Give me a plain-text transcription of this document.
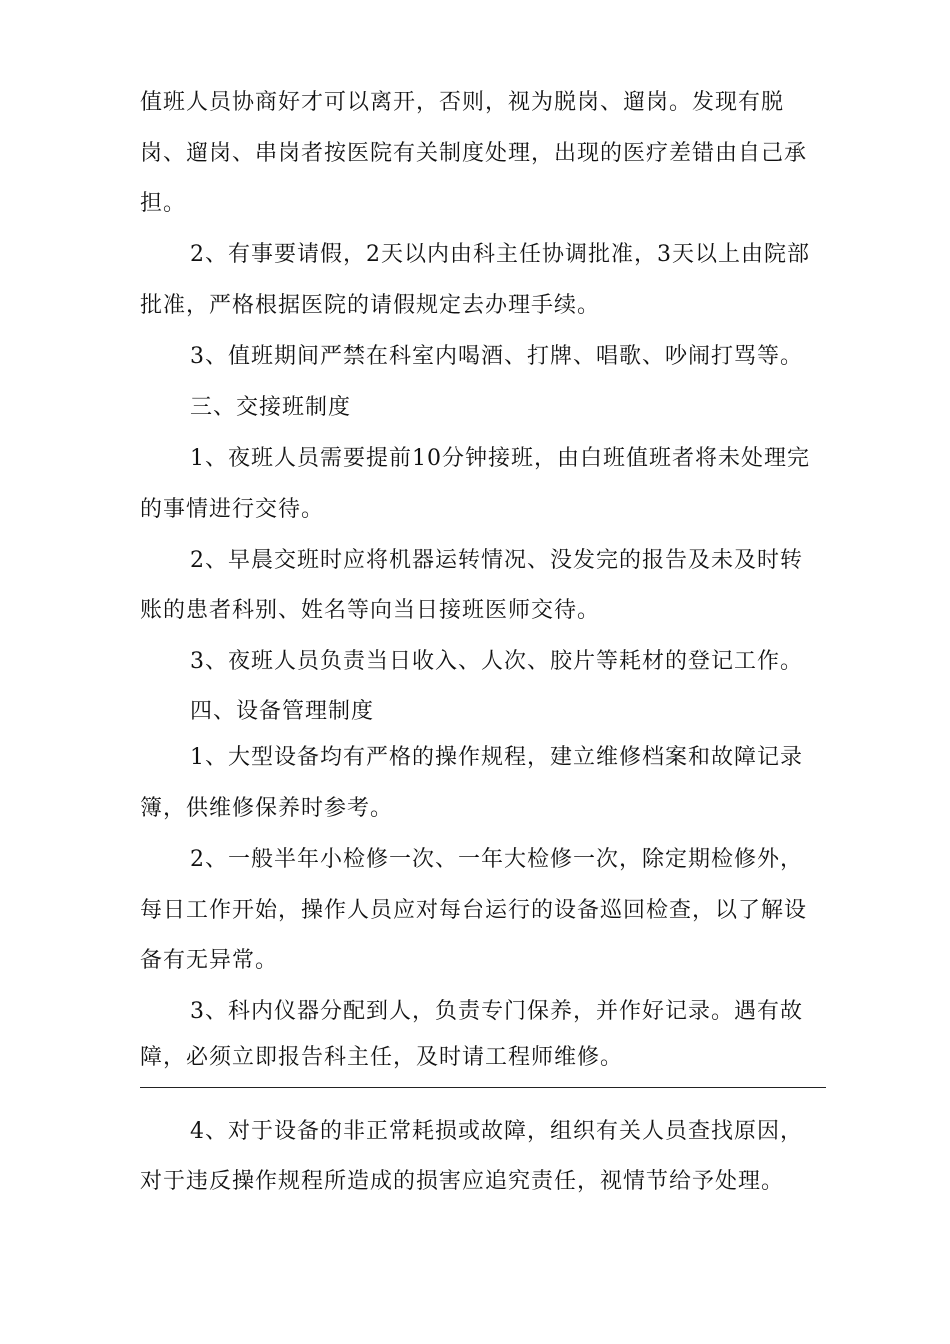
值班人员协商好才可以离开，否则，视为脱岗、遛岗。发现有脱
岗、遛岗、串岗者按医院有关制度处理，出现的医疗差错由自己承
担。
2、有事要请假，2天以内由科主任协调批准，3天以上由院部
批准，严格根据医院的请假规定去办理手续。
3、值班期间严禁在科室内喝酒、打牌、唱歌、吵闹打骂等。
三、交接班制度
1、夜班人员需要提前10分钟接班，由白班值班者将未处理完
的事情进行交待。
2、早晨交班时应将机器运转情况、没发完的报告及未及时转
账的患者科别、姓名等向当日接班医师交待。
3、夜班人员负责当日收入、人次、胶片等耗材的登记工作。
四、设备管理制度
1、大型设备均有严格的操作规程，建立维修档案和故障记录
簿，供维修保养时参考。
2、一般半年小检修一次、一年大检修一次，除定期检修外，
每日工作开始，操作人员应对每台运行的设备巡回检查，以了解设
备有无异常。
3、科内仪器分配到人，负责专门保养，并作好记录。遇有故
障，必须立即报告科主任，及时请工程师维修。
4、对于设备的非正常耗损或故障，组织有关人员查找原因，
对于违反操作规程所造成的损害应追究责任，视情节给予处理。
